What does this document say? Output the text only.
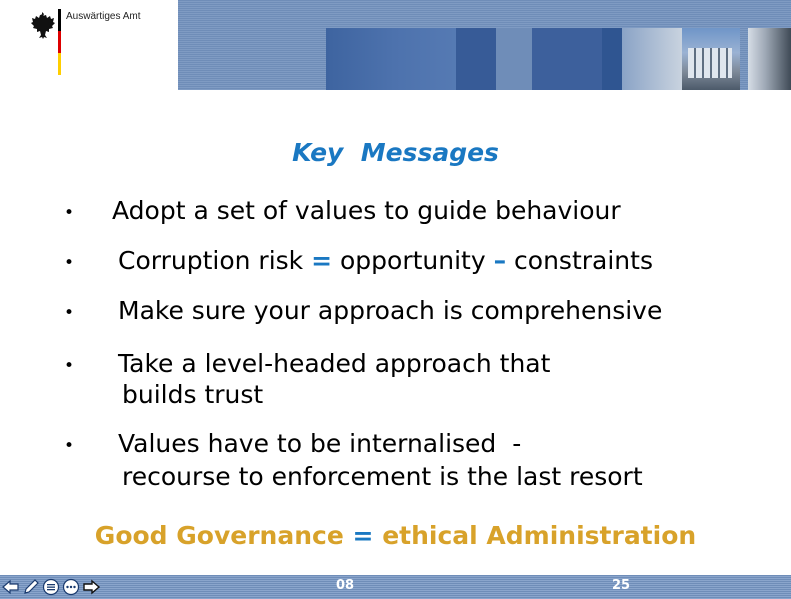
Auswärtiges Amt
Key  Messages
• Adopt a set of values to guide behaviour
• Corruption risk = opportunity – constraints
• Make sure your approach is comprehensive
• Take a level-headed approach that
builds trust
• Values have to be internalised  -
recourse to enforcement is the last resort
Good Governance = ethical Administration
08	25
